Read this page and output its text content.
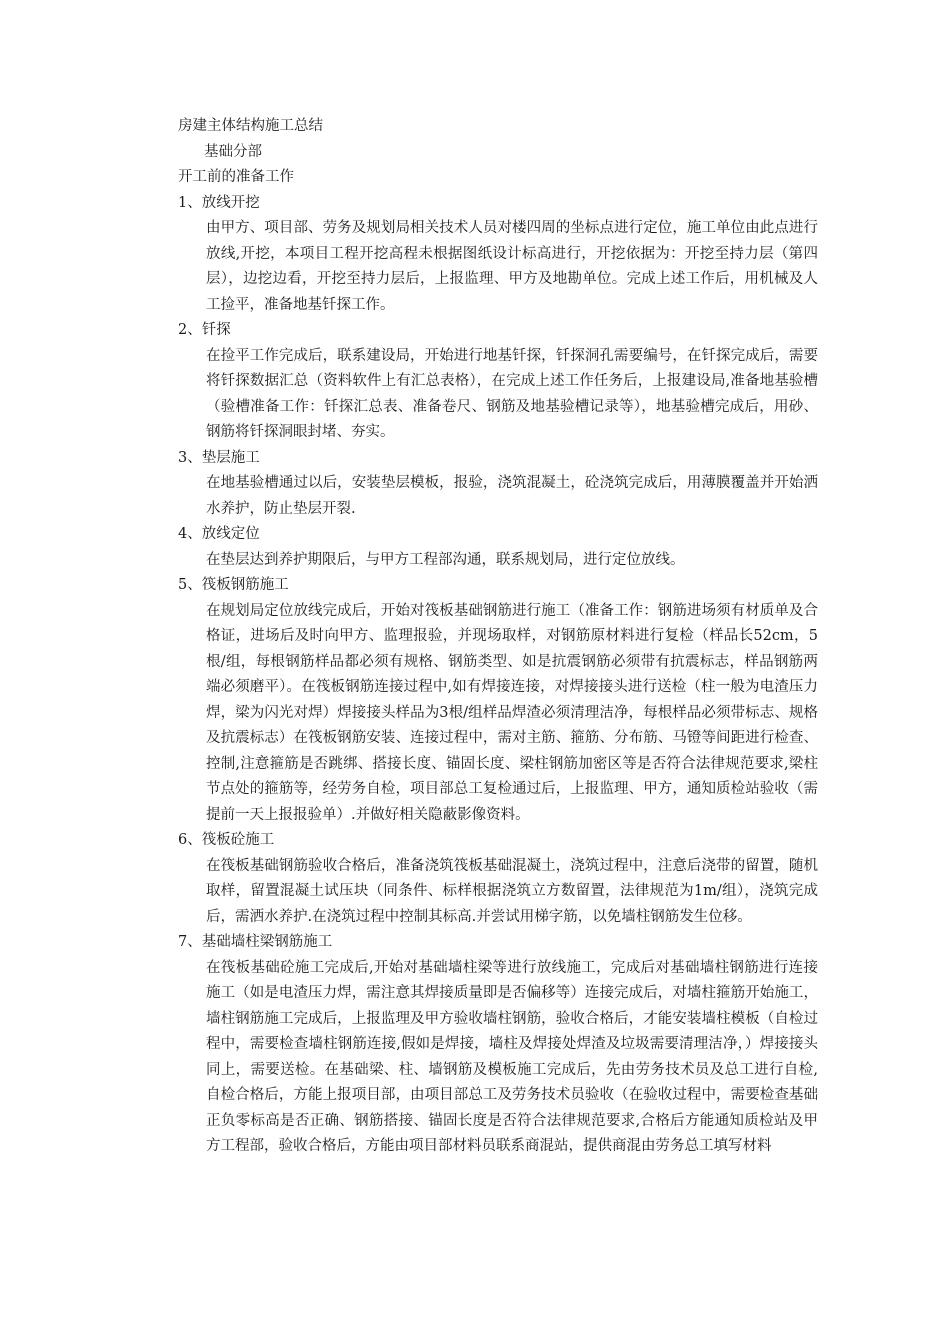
房建主体结构施工总结

基础分部

开工前的准备工作

1、放线开挖

由甲方、项目部、劳务及规划局相关技术人员对楼四周的坐标点进行定位，施工单位由此点进行放线,开挖，本项目工程开挖高程未根据图纸设计标高进行，开挖依据为：开挖至持力层（第四层），边挖边看，开挖至持力层后，上报监理、甲方及地勘单位。完成上述工作后，用机械及人工捡平，准备地基钎探工作。

2、钎探

在捡平工作完成后，联系建设局，开始进行地基钎探，钎探洞孔需要编号，在钎探完成后，需要将钎探数据汇总（资料软件上有汇总表格），在完成上述工作任务后，上报建设局,准备地基验槽（验槽准备工作：钎探汇总表、准备卷尺、钢筋及地基验槽记录等），地基验槽完成后，用砂、钢筋将钎探洞眼封堵、夯实。

3、垫层施工

在地基验槽通过以后，安装垫层模板，报验，浇筑混凝土，砼浇筑完成后，用薄膜覆盖并开始洒水养护，防止垫层开裂.

4、放线定位

在垫层达到养护期限后，与甲方工程部沟通，联系规划局，进行定位放线。

5、筏板钢筋施工

在规划局定位放线完成后，开始对筏板基础钢筋进行施工（准备工作：钢筋进场须有材质单及合格证，进场后及时向甲方、监理报验，并现场取样，对钢筋原材料进行复检（样品长52cm，5根/组，每根钢筋样品都必须有规格、钢筋类型、如是抗震钢筋必须带有抗震标志，样品钢筋两端必须磨平）。在筏板钢筋连接过程中,如有焊接连接，对焊接接头进行送检（柱一般为电渣压力焊，梁为闪光对焊）焊接接头样品为3根/组样品焊渣必须清理洁净，每根样品必须带标志、规格及抗震标志）在筏板钢筋安装、连接过程中，需对主筋、箍筋、分布筋、马镫等间距进行检查、控制,注意箍筋是否跳绑、搭接长度、锚固长度、梁柱钢筋加密区等是否符合法律规范要求,梁柱节点处的箍筋等，经劳务自检，项目部总工复检通过后，上报监理、甲方，通知质检站验收（需提前一天上报报验单）.并做好相关隐蔽影像资料。

6、筏板砼施工

在筏板基础钢筋验收合格后，准备浇筑筏板基础混凝土，浇筑过程中，注意后浇带的留置，随机取样，留置混凝土试压块（同条件、标样根据浇筑立方数留置，法律规范为1m/组），浇筑完成后，需洒水养护.在浇筑过程中控制其标高.并尝试用梯字筋，以免墙柱钢筋发生位移。

7、基础墙柱梁钢筋施工

在筏板基础砼施工完成后,开始对基础墙柱梁等进行放线施工，完成后对基础墙柱钢筋进行连接施工（如是电渣压力焊，需注意其焊接质量即是否偏移等）连接完成后，对墙柱箍筋开始施工，墙柱钢筋施工完成后，上报监理及甲方验收墙柱钢筋，验收合格后，才能安装墙柱模板（自检过程中，需要检查墙柱钢筋连接,假如是焊接，墙柱及焊接处焊渣及垃圾需要清理洁净，）焊接接头同上，需要送检。在基础梁、柱、墙钢筋及模板施工完成后，先由劳务技术员及总工进行自检,自检合格后，方能上报项目部，由项目部总工及劳务技术员验收（在验收过程中，需要检查基础正负零标高是否正确、钢筋搭接、锚固长度是否符合法律规范要求,合格后方能通知质检站及甲方工程部，验收合格后，方能由项目部材料员联系商混站，提供商混由劳务总工填写材料
